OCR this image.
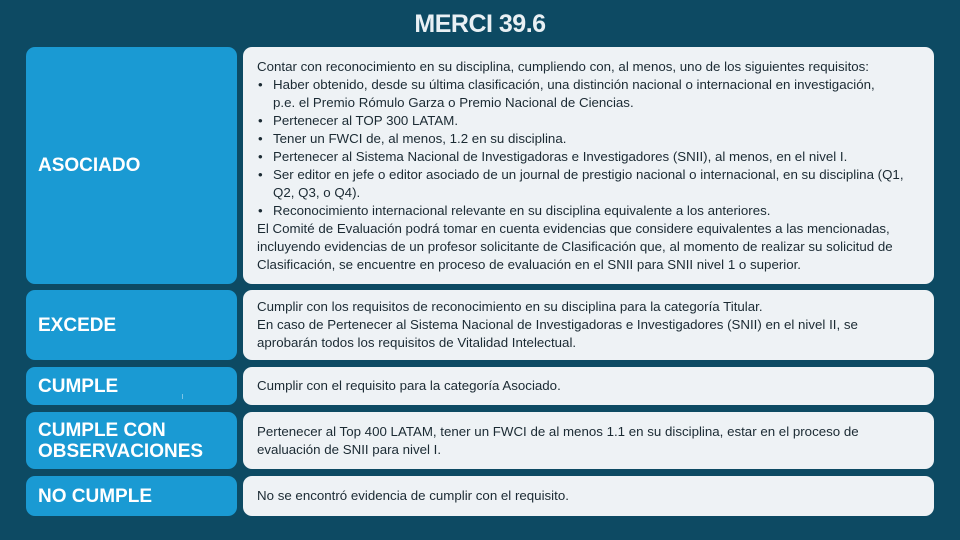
MERCI 39.6
ASOCIADO

Contar con reconocimiento en su disciplina, cumpliendo con, al menos, uno de los siguientes requisitos:

• Haber obtenido, desde su última clasificación, una distinción nacional o internacional en investigación, p.e. el Premio Rómulo Garza o Premio Nacional de Ciencias.
• Pertenecer al TOP 300 LATAM.
• Tener un FWCI de, al menos, 1.2 en su disciplina.
• Pertenecer al Sistema Nacional de Investigadoras e Investigadores (SNII), al menos, en el nivel I.
• Ser editor en jefe o editor asociado de un journal de prestigio nacional o internacional, en su disciplina (Q1, Q2, Q3, o Q4).
• Reconocimiento internacional relevante en su disciplina equivalente a los anteriores.

El Comité de Evaluación podrá tomar en cuenta evidencias que considere equivalentes a las mencionadas, incluyendo evidencias de un profesor solicitante de Clasificación que, al momento de realizar su solicitud de Clasificación, se encuentre en proceso de evaluación en el SNII para SNII nivel 1 o superior.

EXCEDE

Cumplir con los requisitos de reconocimiento en su disciplina para la categoría Titular.

En caso de Pertenecer al Sistema Nacional de Investigadoras e Investigadores (SNII) en el nivel II, se aprobarán todos los requisitos de Vitalidad Intelectual.

CUMPLE	Cumplir con el requisito para la categoría Asociado.

CUMPLE CON OBSERVACIONES

Pertenecer al Top 400 LATAM, tener un FWCI de al menos 1.1 en su disciplina, estar en el proceso de evaluación de SNII para nivel I.

NO CUMPLE	No se encontró evidencia de cumplir con el requisito.
